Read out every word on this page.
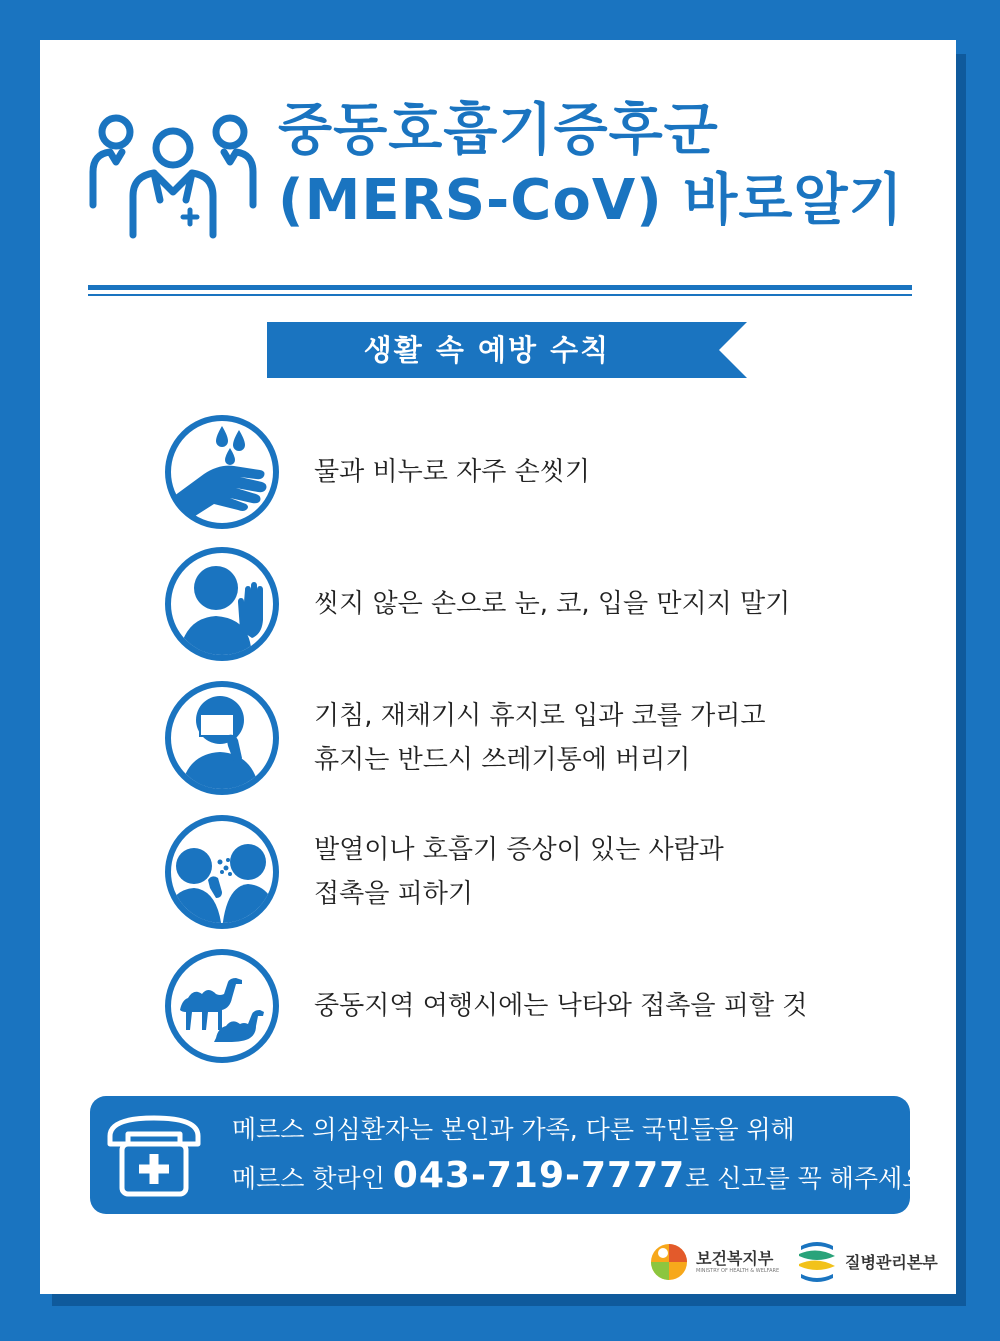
중동호흡기증후군
(MERS-CoV) 바로알기
생활 속 예방 수칙
물과 비누로 자주 손씻기
씻지 않은 손으로 눈, 코, 입을 만지지 말기
기침, 재채기시 휴지로 입과 코를 가리고
휴지는 반드시 쓰레기통에 버리기
발열이나 호흡기 증상이 있는 사람과
접촉을 피하기
중동지역 여행시에는 낙타와 접촉을 피할 것
메르스 의심환자는 본인과 가족, 다른 국민들을 위해
메르스 핫라인 043-719-7777로 신고를 꼭 해주세요
보건복지부
MINISTRY OF HEALTH & WELFARE	질병관리본부
